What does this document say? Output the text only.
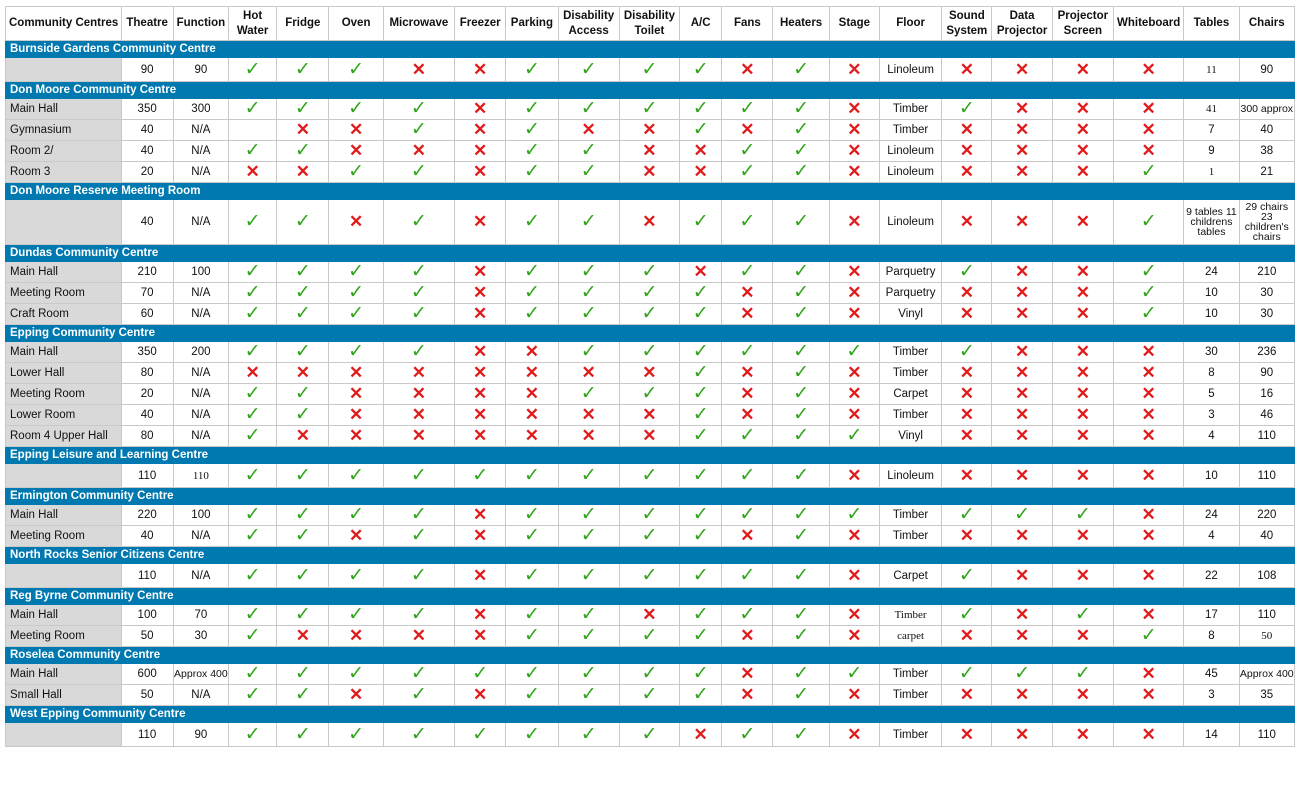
Community Centres	Theatre	Function	Hot Water	Fridge	Oven	Microwave	Freezer	Parking	Disability Access	Disability Toilet	A/C	Fans	Heaters	Stage	Floor	Sound System	Data Projector	Projector Screen	Whiteboard	Tables	Chairs
Burnside Gardens Community Centre																					
	90	90	✓	✓	✓	✕	✕	✓	✓	✓	✓	✕	✓	✕	Linoleum	✕	✕	✕	✕	11	90
Don Moore Community Centre																					
Main Hall	350	300	✓	✓	✓	✓	✕	✓	✓	✓	✓	✓	✓	✕	Timber	✓	✕	✕	✕	41	300 approx
Gymnasium	40	N/A		✕	✕	✓	✕	✓	✕	✕	✓	✕	✓	✕	Timber	✕	✕	✕	✕	7	40
Room 2/	40	N/A	✓	✓	✕	✕	✕	✓	✓	✕	✕	✓	✓	✕	Linoleum	✕	✕	✕	✕	9	38
Room 3	20	N/A	✕	✕	✓	✓	✕	✓	✓	✕	✕	✓	✓	✕	Linoleum	✕	✕	✕	✓	1	21
Don Moore Reserve Meeting Room																					
	40	N/A	✓	✓	✕	✓	✕	✓	✓	✕	✓	✓	✓	✕	Linoleum	✕	✕	✕	✓	9 tables 11 childrens tables	29 chairs 23 children's chairs
Dundas Community Centre																					
Main Hall	210	100	✓	✓	✓	✓	✕	✓	✓	✓	✕	✓	✓	✕	Parquetry	✓	✕	✕	✓	24	210
Meeting Room	70	N/A	✓	✓	✓	✓	✕	✓	✓	✓	✓	✕	✓	✕	Parquetry	✕	✕	✕	✓	10	30
Craft Room	60	N/A	✓	✓	✓	✓	✕	✓	✓	✓	✓	✕	✓	✕	Vinyl	✕	✕	✕	✓	10	30
Epping Community Centre																					
Main Hall	350	200	✓	✓	✓	✓	✕	✕	✓	✓	✓	✓	✓	✓	Timber	✓	✕	✕	✕	30	236
Lower Hall	80	N/A	✕	✕	✕	✕	✕	✕	✕	✕	✓	✕	✓	✕	Timber	✕	✕	✕	✕	8	90
Meeting Room	20	N/A	✓	✓	✕	✕	✕	✕	✓	✓	✓	✕	✓	✕	Carpet	✕	✕	✕	✕	5	16
Lower Room	40	N/A	✓	✓	✕	✕	✕	✕	✕	✕	✓	✕	✓	✕	Timber	✕	✕	✕	✕	3	46
Room 4 Upper Hall	80	N/A	✓	✕	✕	✕	✕	✕	✕	✕	✓	✓	✓	✓	Vinyl	✕	✕	✕	✕	4	110
Epping Leisure and Learning Centre																					
	110	110	✓	✓	✓	✓	✓	✓	✓	✓	✓	✓	✓	✕	Linoleum	✕	✕	✕	✕	10	110
Ermington Community Centre																					
Main Hall	220	100	✓	✓	✓	✓	✕	✓	✓	✓	✓	✓	✓	✓	Timber	✓	✓	✓	✕	24	220
Meeting Room	40	N/A	✓	✓	✕	✓	✕	✓	✓	✓	✓	✕	✓	✕	Timber	✕	✕	✕	✕	4	40
North Rocks Senior Citizens Centre																					
	110	N/A	✓	✓	✓	✓	✕	✓	✓	✓	✓	✓	✓	✕	Carpet	✓	✕	✕	✕	22	108
Reg Byrne Community Centre																					
Main Hall	100	70	✓	✓	✓	✓	✕	✓	✓	✕	✓	✓	✓	✕	Timber	✓	✕	✓	✕	17	110
Meeting Room	50	30	✓	✕	✕	✕	✕	✓	✓	✓	✓	✕	✓	✕	carpet	✕	✕	✕	✓	8	50
Roselea Community Centre																					
Main Hall	600	Approx 400	✓	✓	✓	✓	✓	✓	✓	✓	✓	✕	✓	✓	Timber	✓	✓	✓	✕	45	Approx 400
Small Hall	50	N/A	✓	✓	✕	✓	✕	✓	✓	✓	✓	✕	✓	✕	Timber	✕	✕	✕	✕	3	35
West Epping Community Centre																					
	110	90	✓	✓	✓	✓	✓	✓	✓	✓	✕	✓	✓	✕	Timber	✕	✕	✕	✕	14	110
